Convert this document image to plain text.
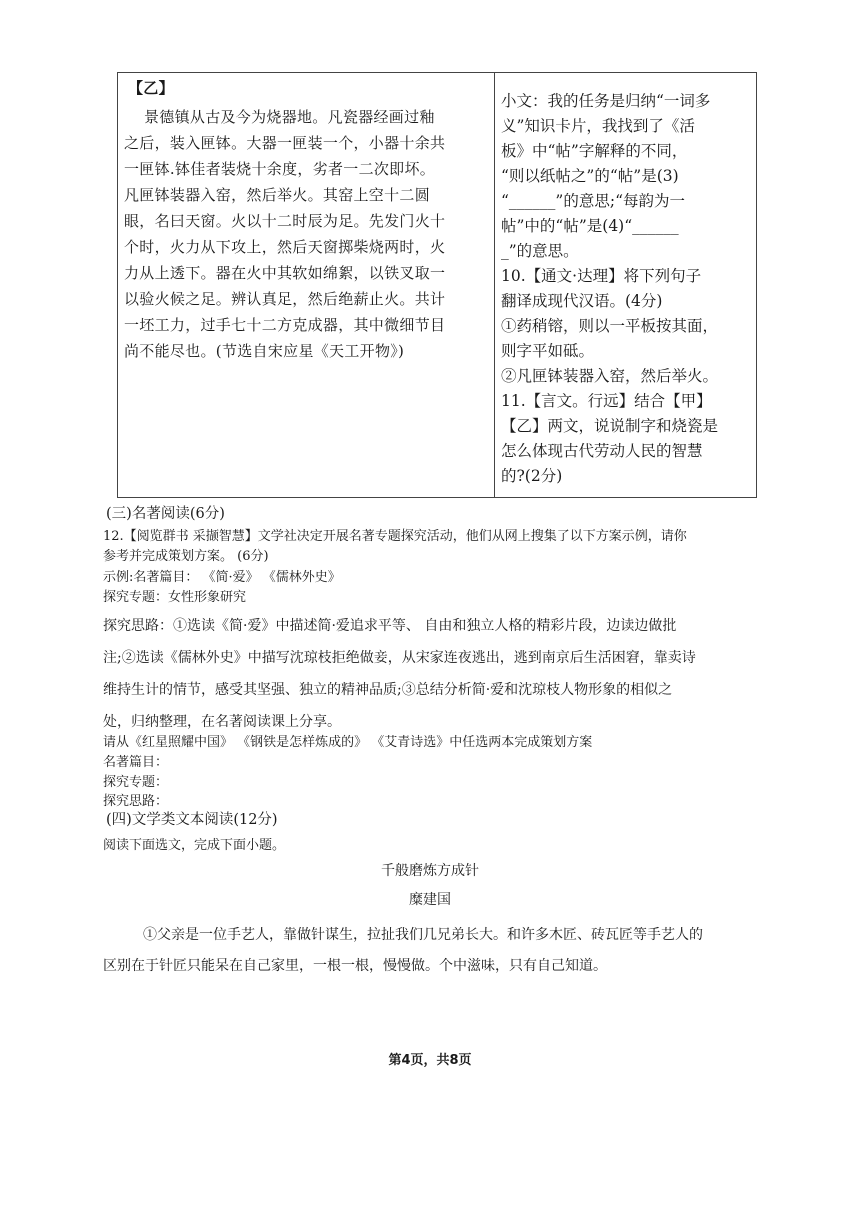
【乙】
景德镇从古及今为烧器地。凡瓷器经画过釉
之后，装入匣钵。大器一匣装一个，小器十余共
一匣钵.钵佳者装烧十余度，劣者一二次即坏。
凡匣钵装器入窑，然后举火。其窑上空十二圆
眼，名曰天窗。火以十二时辰为足。先发门火十
个时，火力从下攻上，然后天窗掷柴烧两时，火
力从上透下。器在火中其软如绵絮，以铁叉取一
以验火候之足。辨认真足，然后绝薪止火。共计
一坯工力，过手七十二方克成器，其中微细节目
尚不能尽也。(节选自宋应星《天工开物》)
小文：我的任务是归纳“一词多
义”知识卡片，我找到了《活
板》中“帖”字解释的不同，
“则以纸帖之”的“帖”是(3)
“______”的意思;“每韵为一
帖”中的“帖”是(4)“______
_”的意思。
10.【通文·达理】将下列句子
翻译成现代汉语。(4分)
①药稍镕，则以一平板按其面，
则字平如砥。
②凡匣钵装器入窑，然后举火。
11.【言文。行远】结合【甲】
【乙】两文，说说制字和烧瓷是
怎么体现古代劳动人民的智慧
的?(2分)
(三)名著阅读(6分)
12.【阅览群书 采撷智慧】文学社决定开展名著专题探究活动，他们从网上搜集了以下方案示例，请你
参考并完成策划方案。 (6分)
示例:名著篇目： 《简·爱》 《儒林外史》
探究专题：女性形象研究
探究思路：①选读《简·爱》中描述简·爱追求平等、 自由和独立人格的精彩片段，边读边做批
注;②选读《儒林外史》中描写沈琼枝拒绝做妾，从宋家连夜逃出，逃到南京后生活困窘，靠卖诗
维持生计的情节，感受其坚强、独立的精神品质;③总结分析简·爱和沈琼枝人物形象的相似之
处，归纳整理，在名著阅读课上分享。
请从《红星照耀中国》 《钢铁是怎样炼成的》 《艾青诗选》中任选两本完成策划方案
名著篇目：
探究专题：
探究思路：
(四)文学类文本阅读(12分)
阅读下面选文，完成下面小题。
千般磨炼方成针
糜建国
①父亲是一位手艺人，靠做针谋生，拉扯我们几兄弟长大。和许多木匠、砖瓦匠等手艺人的
区别在于针匠只能呆在自己家里，一根一根，慢慢做。个中滋味，只有自己知道。
第4页，共8页
